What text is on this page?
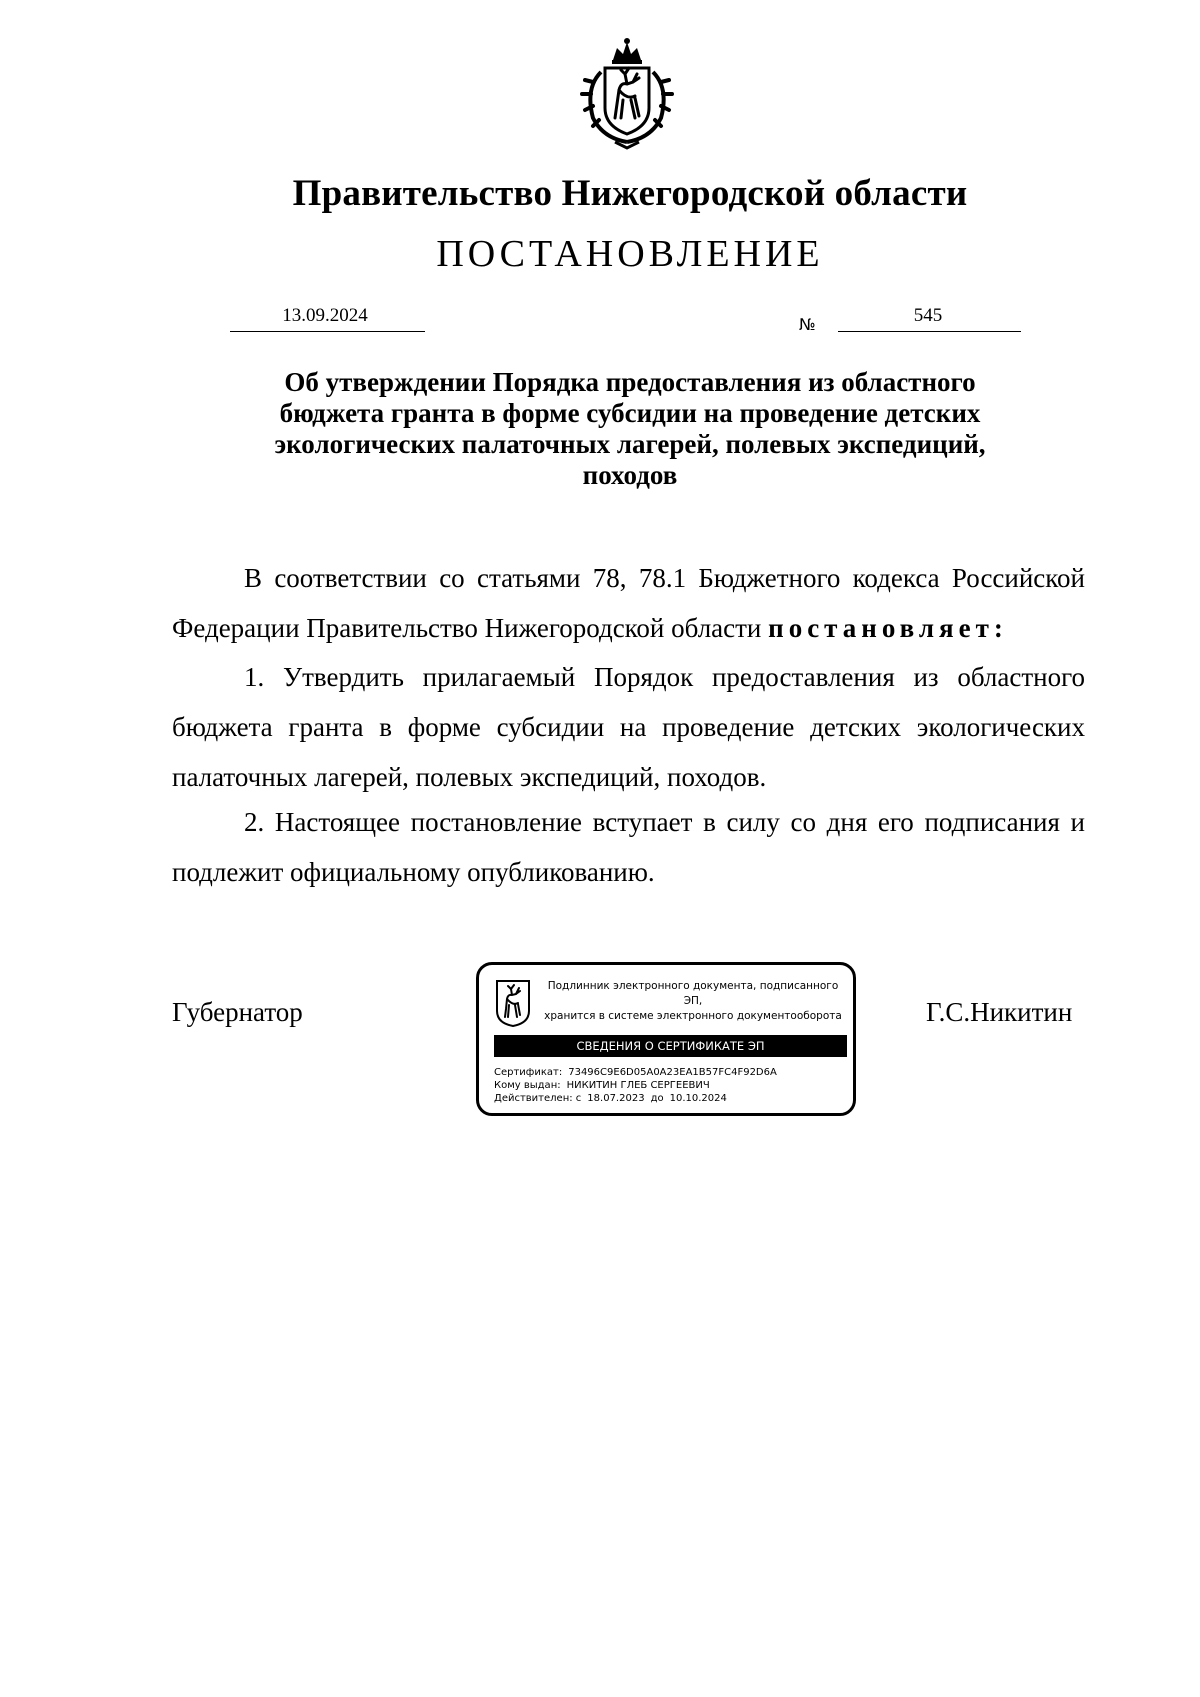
Правительство Нижегородской области
ПОСТАНОВЛЕНИЕ
13.09.2024	№	545
Об утверждении Порядка предоставления из областного бюджета гранта в форме субсидии на проведение детских экологических палаточных лагерей, полевых экспедиций, походов

В соответствии со статьями 78, 78.1 Бюджетного кодекса Российской Федерации Правительство Нижегородской области постановляет:

1. Утвердить прилагаемый Порядок предоставления из областного бюджета гранта в форме субсидии на проведение детских экологических палаточных лагерей, полевых экспедиций, походов.

2. Настоящее постановление вступает в силу со дня его подписания и подлежит официальному опубликованию.

Губернатор	Г.С.Никитин
Подлинник электронного документа, подписанного ЭП,
хранится в системе электронного документооборота
СВЕДЕНИЯ О СЕРТИФИКАТЕ ЭП
Сертификат: 73496C9E6D05A0A23EA1B57FC4F92D6A
Кому выдан: НИКИТИН ГЛЕБ СЕРГЕЕВИЧ
Действителен: с 18.07.2023 до 10.10.2024
